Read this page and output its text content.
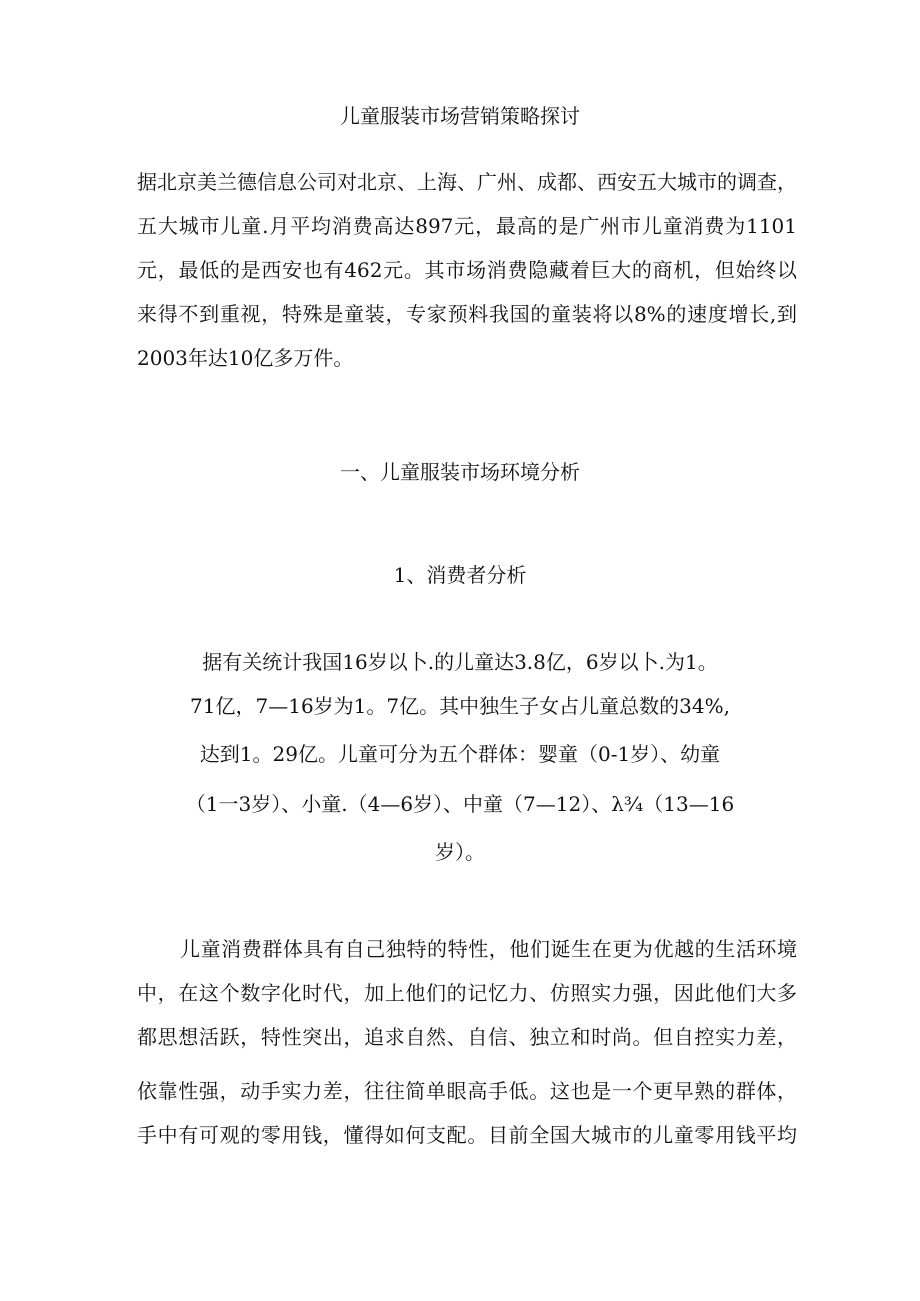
儿童服装市场营销策略探讨
据北京美兰德信息公司对北京、上海、广州、成都、西安五大城市的调查，
五大城市儿童.月平均消费高达897元，最高的是广州市儿童消费为1101
元，最低的是西安也有462元。其市场消费隐藏着巨大的商机，但始终以
来得不到重视，特殊是童装，专家预料我国的童装将以8%的速度增长,到
2003年达10亿多万件。
一、儿童服装市场环境分析
1、消费者分析
据有关统计我国16岁以卜.的儿童达3.8亿，6岁以卜.为1。
71亿，7—16岁为1。7亿。其中独生子女占儿童总数的34%,
达到1。29亿。儿童可分为五个群体：婴童（0-1岁）、幼童
（1一3岁）、小童.（4—6岁）、中童（7—12）、λ¾（13—16
岁）。
儿童消费群体具有自己独特的特性，他们诞生在更为优越的生活环境
中，在这个数字化时代，加上他们的记忆力、仿照实力强，因此他们大多
都思想活跃，特性突出，追求自然、自信、独立和时尚。但自控实力差，
依靠性强，动手实力差，往往简单眼高手低。这也是一个更早熟的群体，
手中有可观的零用钱，懂得如何支配。目前全国大城市的儿童零用钱平均
